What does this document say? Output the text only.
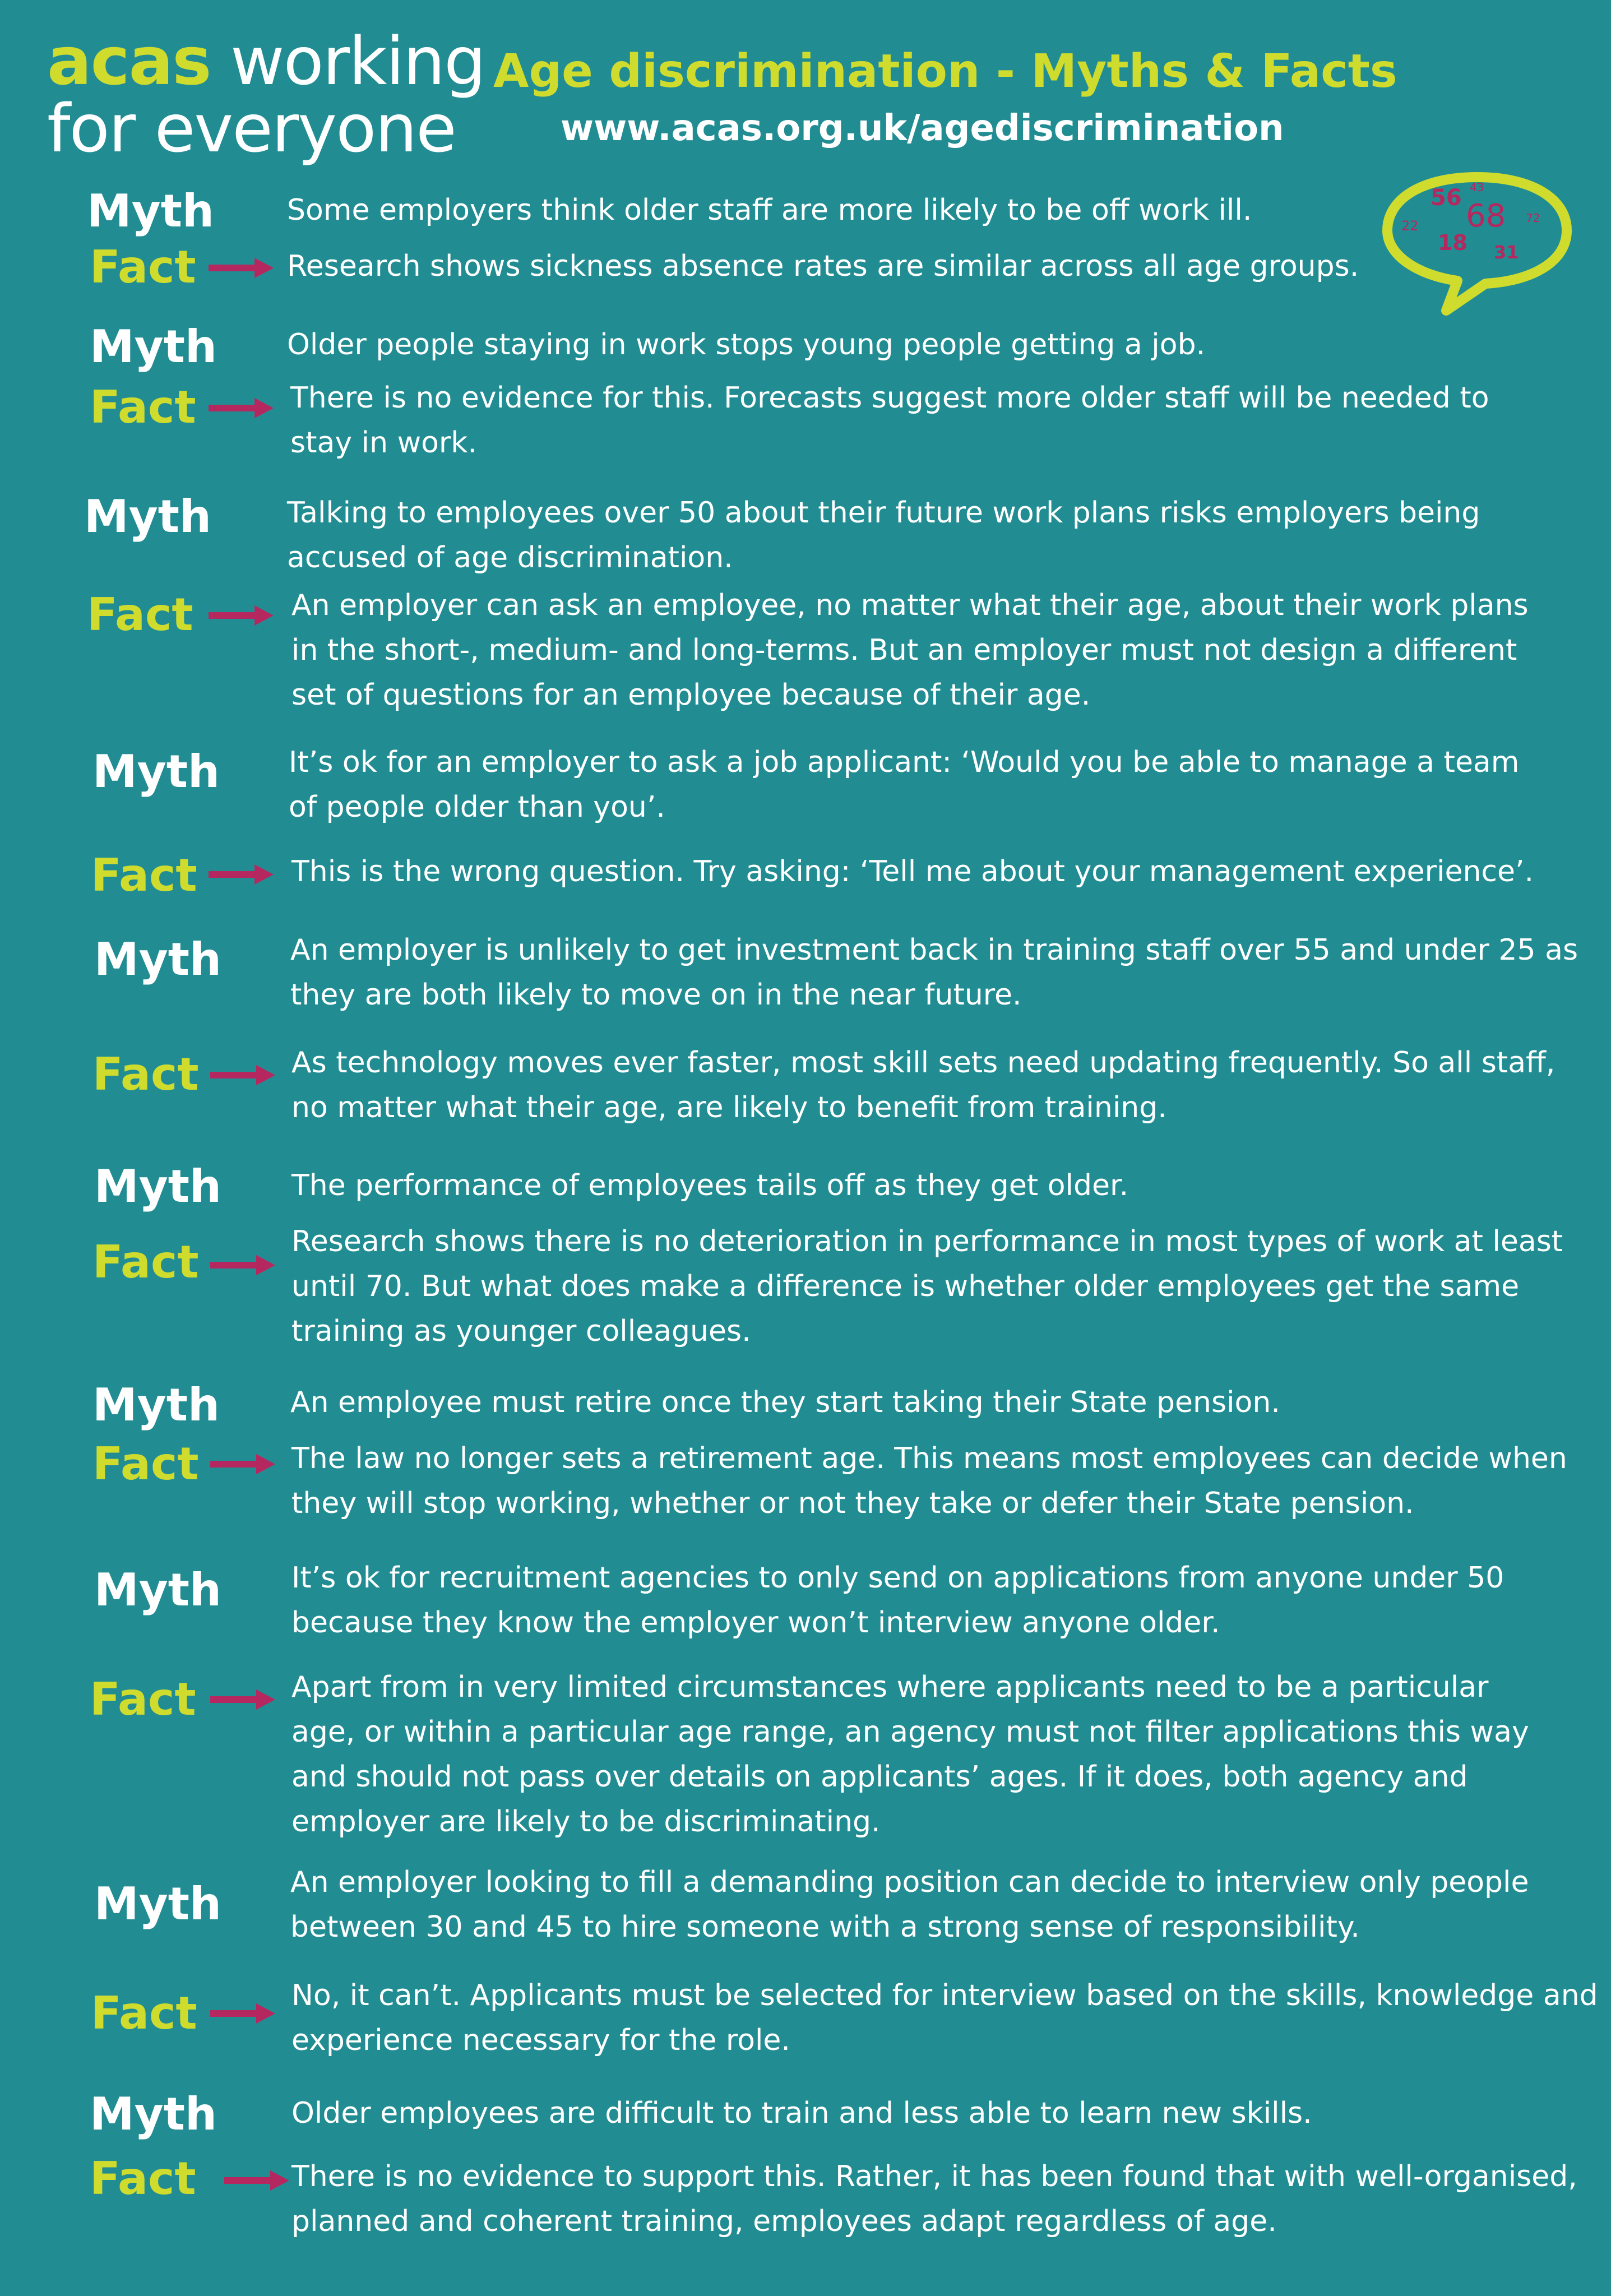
acas working
for everyone
Age discrimination - Myths & Facts
www.acas.org.uk/agediscrimination
56 43
68
22	72
18 31
Myth	Some employers think older staff are more likely to be off work ill.
Fact	Research shows sickness absence rates are similar across all age groups.
Myth Older people staying in work stops young people getting a job.
Fact	There is no evidence for this. Forecasts suggest more older staff will be needed to
stay in work.
Myth	Talking to employees over 50 about their future work plans risks employers being
accused of age discrimination.
Fact	An employer can ask an employee, no matter what their age, about their work plans
in the short-, medium- and long-terms. But an employer must not design a different
set of questions for an employee because of their age.
Myth It’s ok for an employer to ask a job applicant: ‘Would you be able to manage a team
of people older than you’.
Fact	This is the wrong question. Try asking: ‘Tell me about your management experience’.
Myth An employer is unlikely to get investment back in training staff over 55 and under 25 as
they are both likely to move on in the near future.
Fact	As technology moves ever faster, most skill sets need updating frequently. So all staff,
no matter what their age, are likely to benefit from training.
Myth The performance of employees tails off as they get older.
Fact	Research shows there is no deterioration in performance in most types of work at least
until 70. But what does make a difference is whether older employees get the same
training as younger colleagues.
Myth An employee must retire once they start taking their State pension.
Fact	The law no longer sets a retirement age. This means most employees can decide when
they will stop working, whether or not they take or defer their State pension.
Myth It’s ok for recruitment agencies to only send on applications from anyone under 50
because they know the employer won’t interview anyone older.
Fact	Apart from in very limited circumstances where applicants need to be a particular
age, or within a particular age range, an agency must not filter applications this way
and should not pass over details on applicants’ ages. If it does, both agency and
employer are likely to be discriminating.
Myth An employer looking to fill a demanding position can decide to interview only people
between 30 and 45 to hire someone with a strong sense of responsibility.
Fact	No, it can’t. Applicants must be selected for interview based on the skills, knowledge and
experience necessary for the role.
Myth	Older employees are difficult to train and less able to learn new skills.
Fact	There is no evidence to support this. Rather, it has been found that with well-organised,
planned and coherent training, employees adapt regardless of age.
